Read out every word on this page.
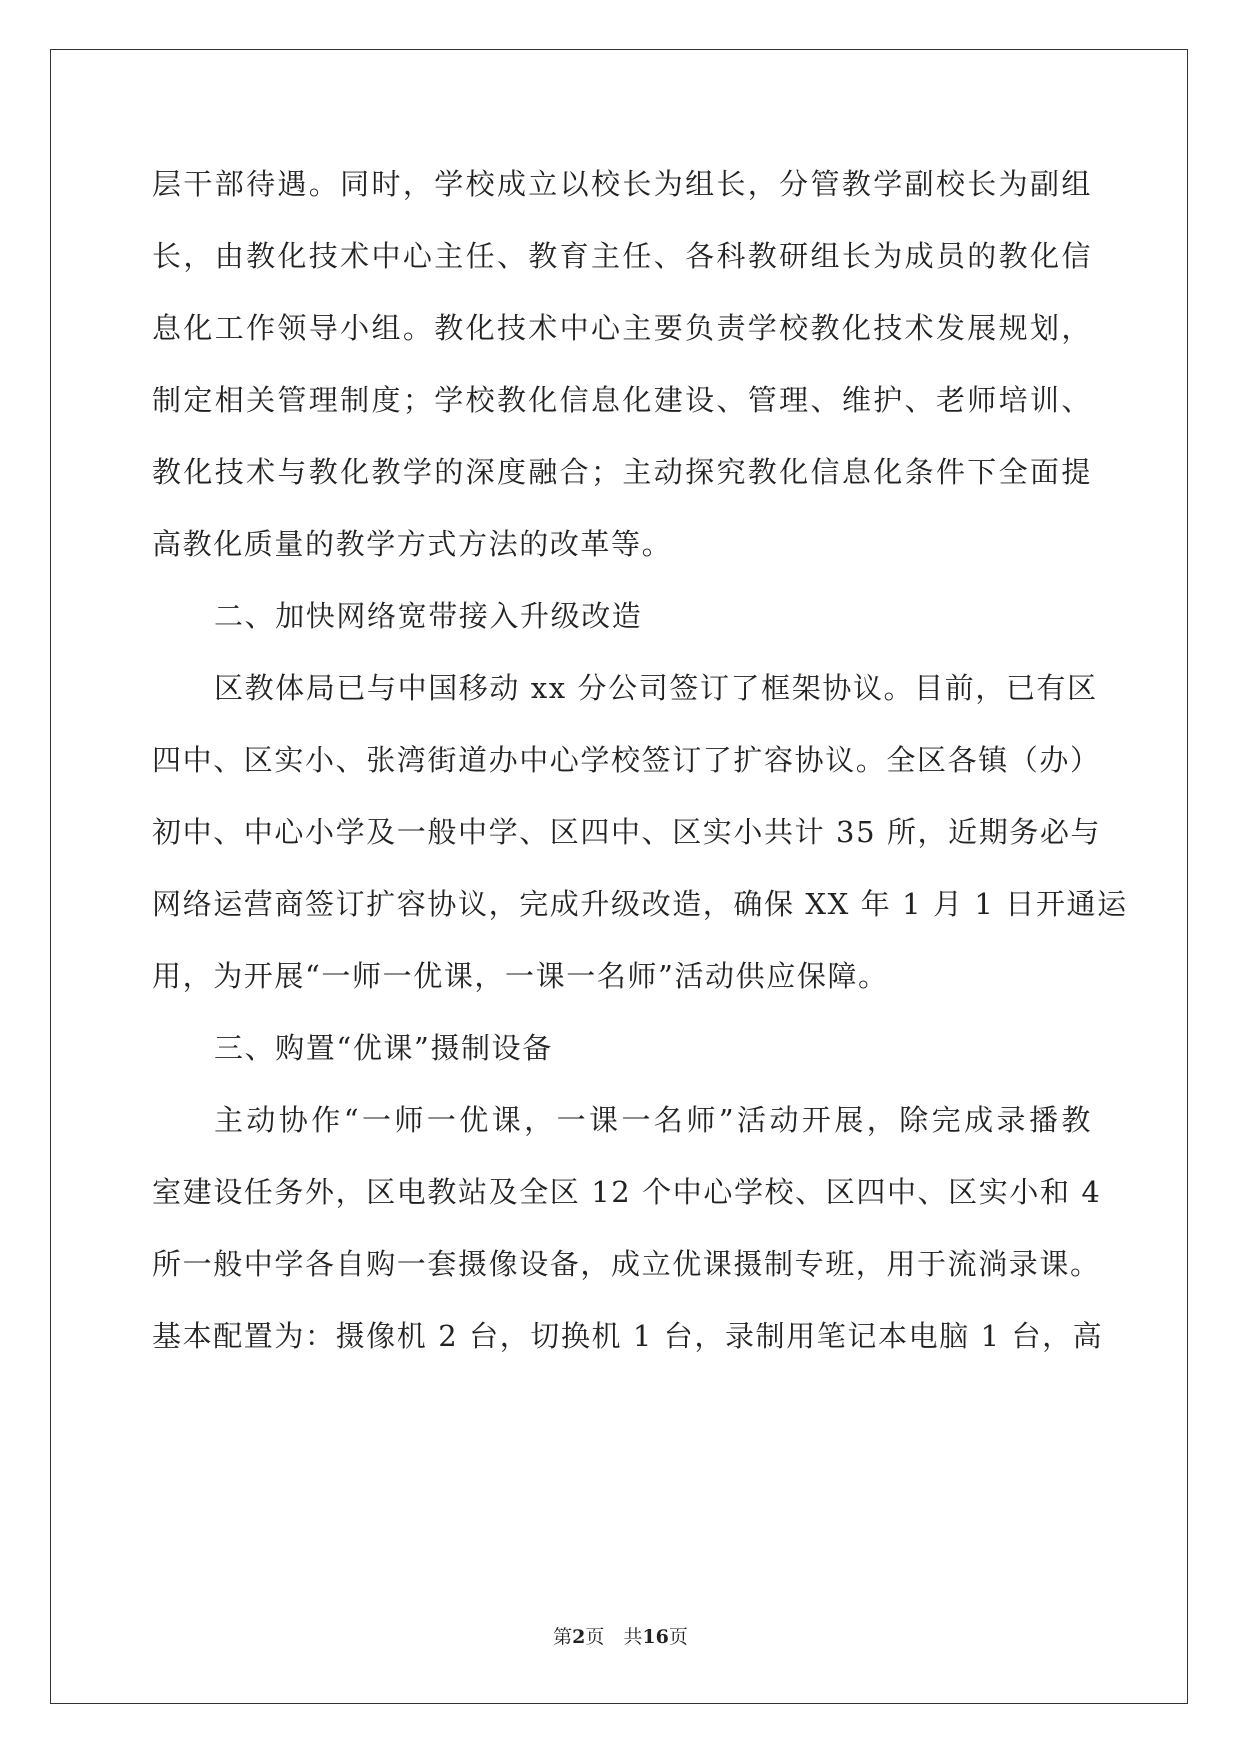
层干部待遇。同时，学校成立以校长为组长，分管教学副校长为副组
长，由教化技术中心主任、教育主任、各科教研组长为成员的教化信
息化工作领导小组。教化技术中心主要负责学校教化技术发展规划，
制定相关管理制度；学校教化信息化建设、管理、维护、老师培训、
教化技术与教化教学的深度融合；主动探究教化信息化条件下全面提
高教化质量的教学方式方法的改革等。
二、加快网络宽带接入升级改造
区教体局已与中国移动 xx 分公司签订了框架协议。目前，已有区
四中、区实小、张湾街道办中心学校签订了扩容协议。全区各镇（办）
初中、中心小学及一般中学、区四中、区实小共计 35 所，近期务必与
网络运营商签订扩容协议，完成升级改造，确保 XX 年 1 月 1 日开通运
用，为开展“一师一优课，一课一名师”活动供应保障。
三、购置“优课”摄制设备
主动协作“一师一优课，一课一名师”活动开展，除完成录播教
室建设任务外，区电教站及全区 12 个中心学校、区四中、区实小和 4
所一般中学各自购一套摄像设备，成立优课摄制专班，用于流淌录课。
基本配置为：摄像机 2 台，切换机 1 台，录制用笔记本电脑 1 台，高
第2页　共16页
